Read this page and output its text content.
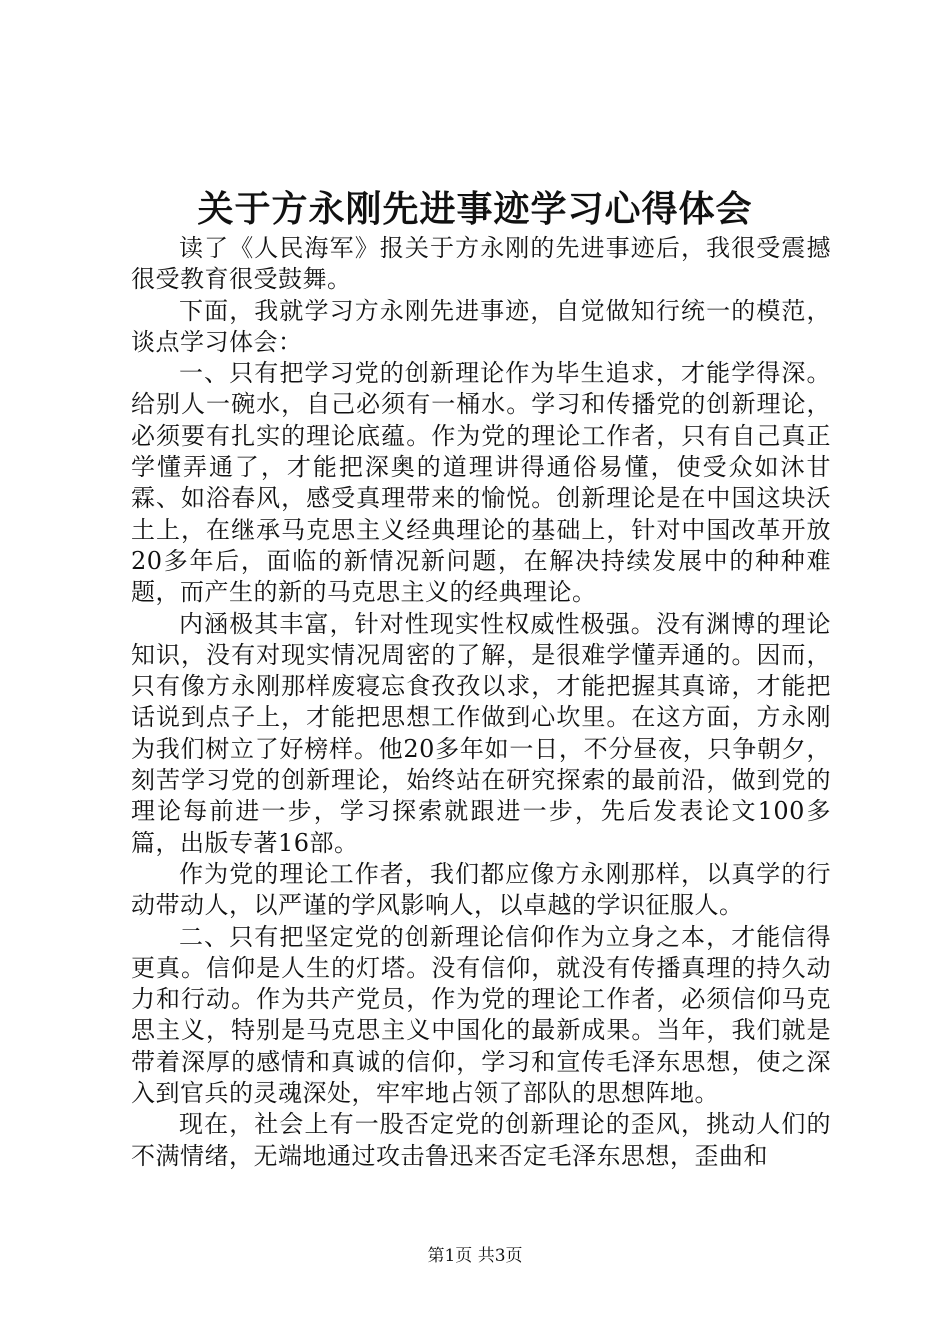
关于方永刚先进事迹学习心得体会

读了《人民海军》报关于方永刚的先进事迹后，我很受震撼很受教育很受鼓舞。

下面，我就学习方永刚先进事迹，自觉做知行统一的模范，谈点学习体会：

一、只有把学习党的创新理论作为毕生追求，才能学得深。给别人一碗水，自己必须有一桶水。学习和传播党的创新理论，必须要有扎实的理论底蕴。作为党的理论工作者，只有自己真正学懂弄通了，才能把深奥的道理讲得通俗易懂，使受众如沐甘霖、如浴春风，感受真理带来的愉悦。创新理论是在中国这块沃土上，在继承马克思主义经典理论的基础上，针对中国改革开放20多年后，面临的新情况新问题，在解决持续发展中的种种难题，而产生的新的马克思主义的经典理论。

内涵极其丰富，针对性现实性权威性极强。没有渊博的理论知识，没有对现实情况周密的了解，是很难学懂弄通的。因而，只有像方永刚那样废寝忘食孜孜以求，才能把握其真谛，才能把话说到点子上，才能把思想工作做到心坎里。在这方面，方永刚为我们树立了好榜样。他20多年如一日，不分昼夜，只争朝夕，刻苦学习党的创新理论，始终站在研究探索的最前沿，做到党的理论每前进一步，学习探索就跟进一步，先后发表论文100多篇，出版专著16部。

作为党的理论工作者，我们都应像方永刚那样，以真学的行动带动人，以严谨的学风影响人，以卓越的学识征服人。

二、只有把坚定党的创新理论信仰作为立身之本，才能信得更真。信仰是人生的灯塔。没有信仰，就没有传播真理的持久动力和行动。作为共产党员，作为党的理论工作者，必须信仰马克思主义，特别是马克思主义中国化的最新成果。当年，我们就是带着深厚的感情和真诚的信仰，学习和宣传毛泽东思想，使之深入到官兵的灵魂深处，牢牢地占领了部队的思想阵地。

现在，社会上有一股否定党的创新理论的歪风，挑动人们的不满情绪，无端地通过攻击鲁迅来否定毛泽东思想，歪曲和

第1页 共3页
